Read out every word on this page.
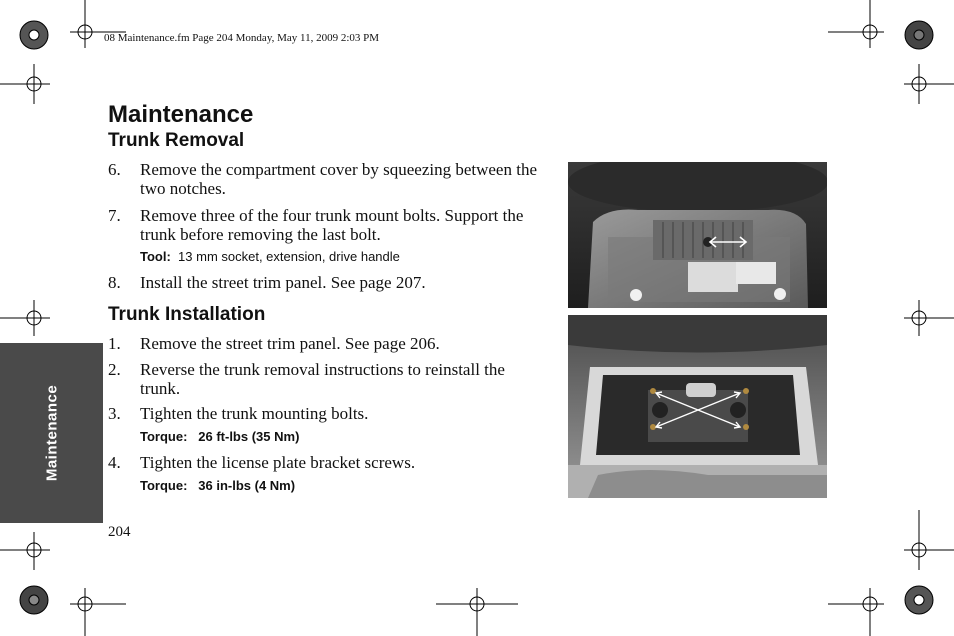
08 Maintenance.fm Page 204 Monday, May 11, 2009 2:03 PM
Maintenance
Maintenance
Trunk Removal
6.	Remove the compartment cover by squeezing between the two notches.
7.	Remove three of the four trunk mount bolts. Support the trunk before removing the last bolt.
Tool: 13 mm socket, extension, drive handle
8.	Install the street trim panel. See page 207.
Trunk Installation
1.	Remove the street trim panel. See page 206.
2.	Reverse the trunk removal instructions to reinstall the trunk.
3.	Tighten the trunk mounting bolts.
Torque: 26 ft-lbs (35 Nm)
4.	Tighten the license plate bracket screws.
Torque: 36 in-lbs (4 Nm)
204
